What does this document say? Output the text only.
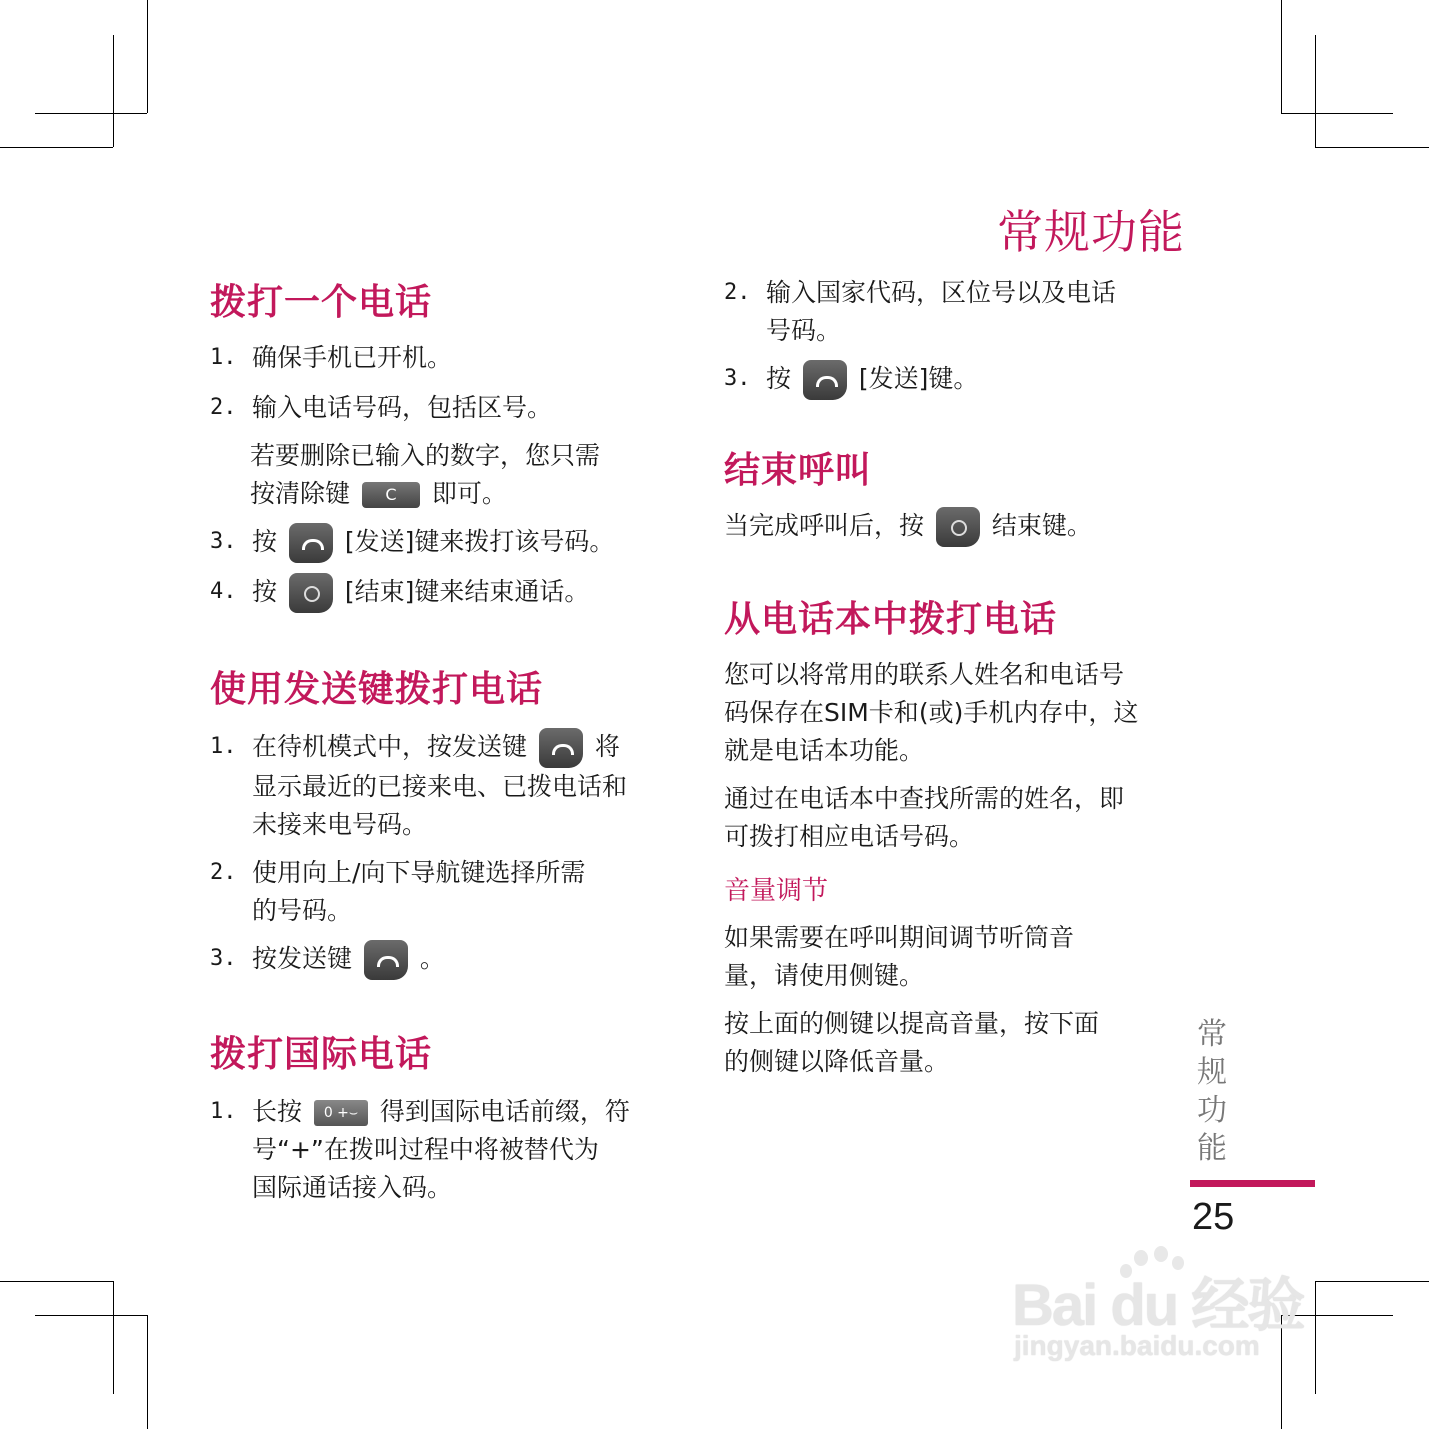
常规功能
拨打一个电话
1. 确保手机已开机。
2. 输入电话号码，包括区号。
若要删除已输入的数字，您只需
按清除键 C 即可。
3. 按	[发送]键来拨打该号码。
4. 按	[结束]键来结束通话。
使用发送键拨打电话
1. 在待机模式中，按发送键	将
显示最近的已接来电、已拨电话和
未接来电号码。
2. 使用向上/向下导航键选择所需
的号码。
3. 按发送键	。
拨打国际电话
1. 长按 0 +⌣ 得到国际电话前缀，符
号“+”在拨叫过程中将被替代为
国际通话接入码。
2. 输入国家代码，区位号以及电话
号码。
3. 按	[发送]键。
结束呼叫
当完成呼叫后，按	结束键。
从电话本中拨打电话
您可以将常用的联系人姓名和电话号
码保存在SIM卡和(或)手机内存中，这
就是电话本功能。
通过在电话本中查找所需的姓名，即
可拨打相应电话号码。
音量调节
如果需要在呼叫期间调节听筒音
量，请使用侧键。
按上面的侧键以提高音量，按下面
的侧键以降低音量。
常
规
功
能
25
Bai du 经验
jingyan.baidu.com
